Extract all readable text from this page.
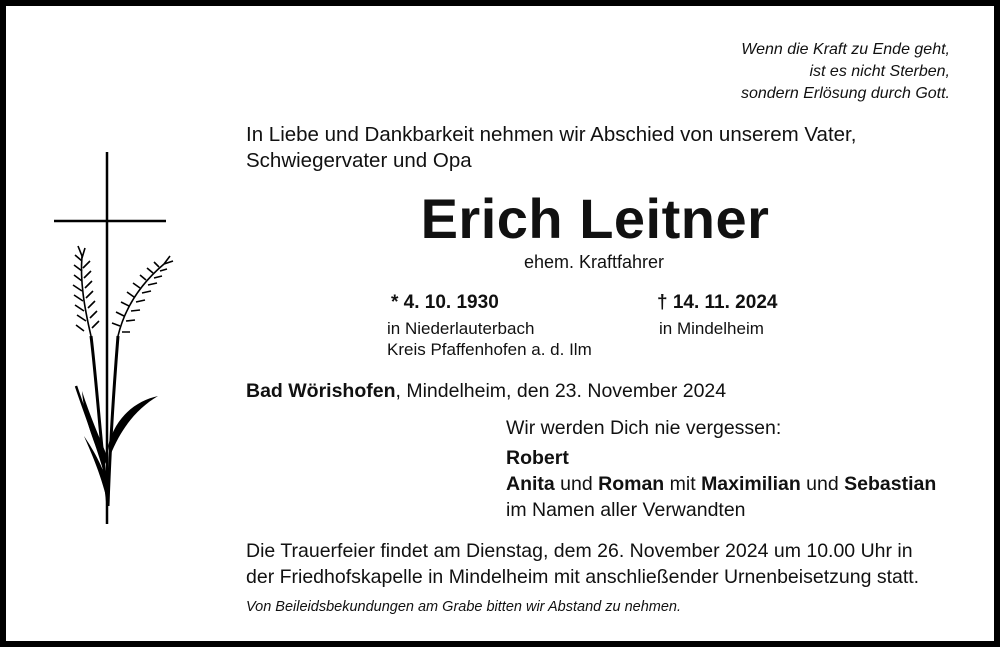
Wenn die Kraft zu Ende geht,
ist es nicht Sterben,
sondern Erlösung durch Gott.
In Liebe und Dankbarkeit nehmen wir Abschied von unserem Vater,
Schwiegervater und Opa
Erich Leitner
ehem. Kraftfahrer
* 4. 10. 1930
in Niederlauterbach
Kreis Pfaffenhofen a. d. Ilm
† 14. 11. 2024
in Mindelheim
Bad Wörishofen, Mindelheim, den 23. November 2024
Wir werden Dich nie vergessen:
Robert
Anita und Roman mit Maximilian und Sebastian
im Namen aller Verwandten
Die Trauerfeier findet am Dienstag, dem 26. November 2024 um 10.00 Uhr in
der Friedhofskapelle in Mindelheim mit anschließender Urnenbeisetzung statt.
Von Beileidsbekundungen am Grabe bitten wir Abstand zu nehmen.
